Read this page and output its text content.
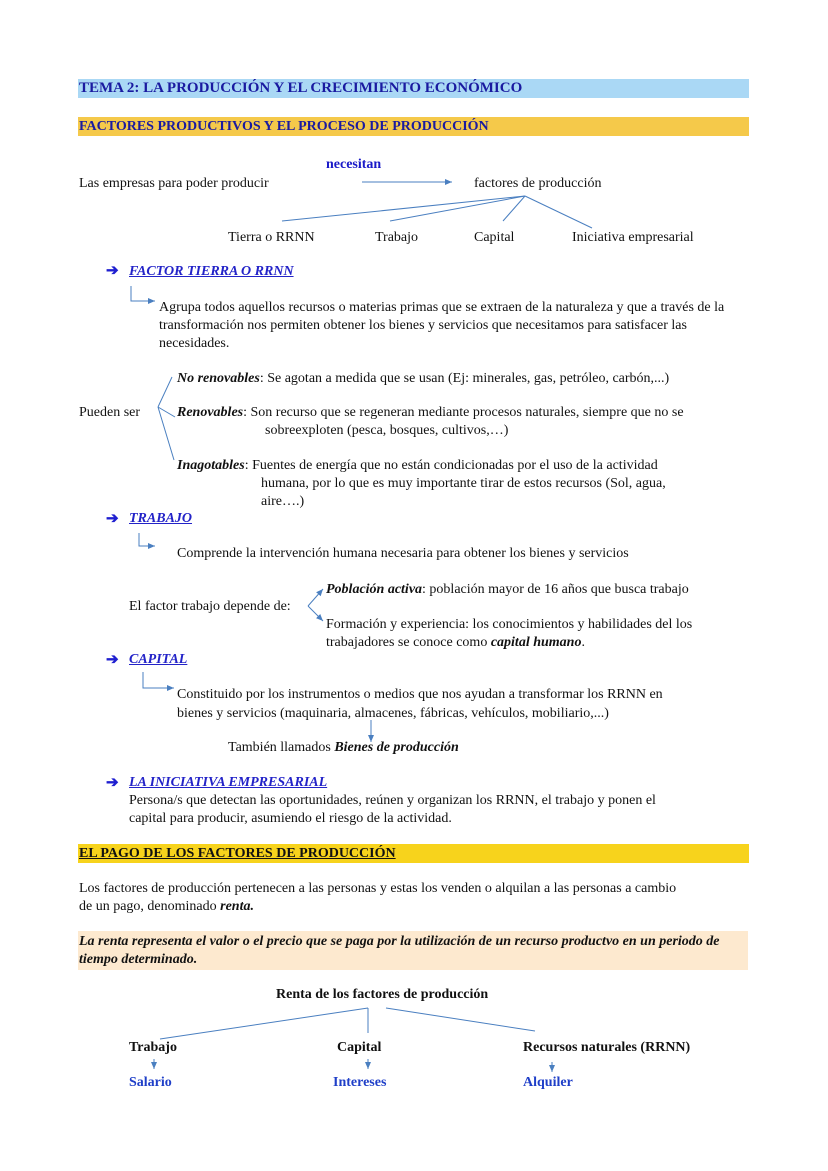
TEMA 2: LA PRODUCCIÓN Y EL CRECIMIENTO ECONÓMICO
FACTORES PRODUCTIVOS Y EL PROCESO DE PRODUCCIÓN
necesitan
Las empresas para poder producir	factores de producción
Tierra o RRNN	Trabajo	Capital	Iniciativa empresarial
➔ FACTOR TIERRA O RRNN
Agrupa todos aquellos recursos o materias primas que se extraen de la naturaleza y que a través de la transformación nos permiten obtener los bienes y servicios que necesitamos para satisfacer las necesidades.
Pueden ser
No renovables: Se agotan a medida que se usan (Ej: minerales, gas, petróleo, carbón,...)
Renovables: Son recurso que se regeneran mediante procesos naturales, siempre que no se
sobreexploten (pesca, bosques, cultivos,…)
Inagotables: Fuentes de energía que no están condicionadas por el uso de la actividad
humana, por lo que es muy importante tirar de estos recursos (Sol, agua,
aire….)
➔ TRABAJO
Comprende la intervención humana necesaria para obtener los bienes y servicios
El factor trabajo depende de:
Población activa: población mayor de 16 años que busca trabajo
Formación y experiencia: los conocimientos y habilidades del los
trabajadores se conoce como capital humano.
➔ CAPITAL
Constituido por los instrumentos o medios que nos ayudan a transformar los RRNN en
bienes y servicios (maquinaria, almacenes, fábricas, vehículos, mobiliario,...)
También llamados Bienes de producción
➔ LA INICIATIVA EMPRESARIAL
Persona/s que detectan las oportunidades, reúnen y organizan los RRNN, el trabajo y ponen el
capital para producir, asumiendo el riesgo de la actividad.
EL PAGO DE LOS FACTORES DE PRODUCCIÓN
Los factores de producción pertenecen a las personas y estas los venden o alquilan a las personas a cambio
de un pago, denominado renta.
La renta representa el valor o el precio que se paga por la utilización de un recurso productvo en un periodo de tiempo determinado.
Renta de los factores de producción
Trabajo	Capital	Recursos naturales (RRNN)
Salario	Intereses	Alquiler
